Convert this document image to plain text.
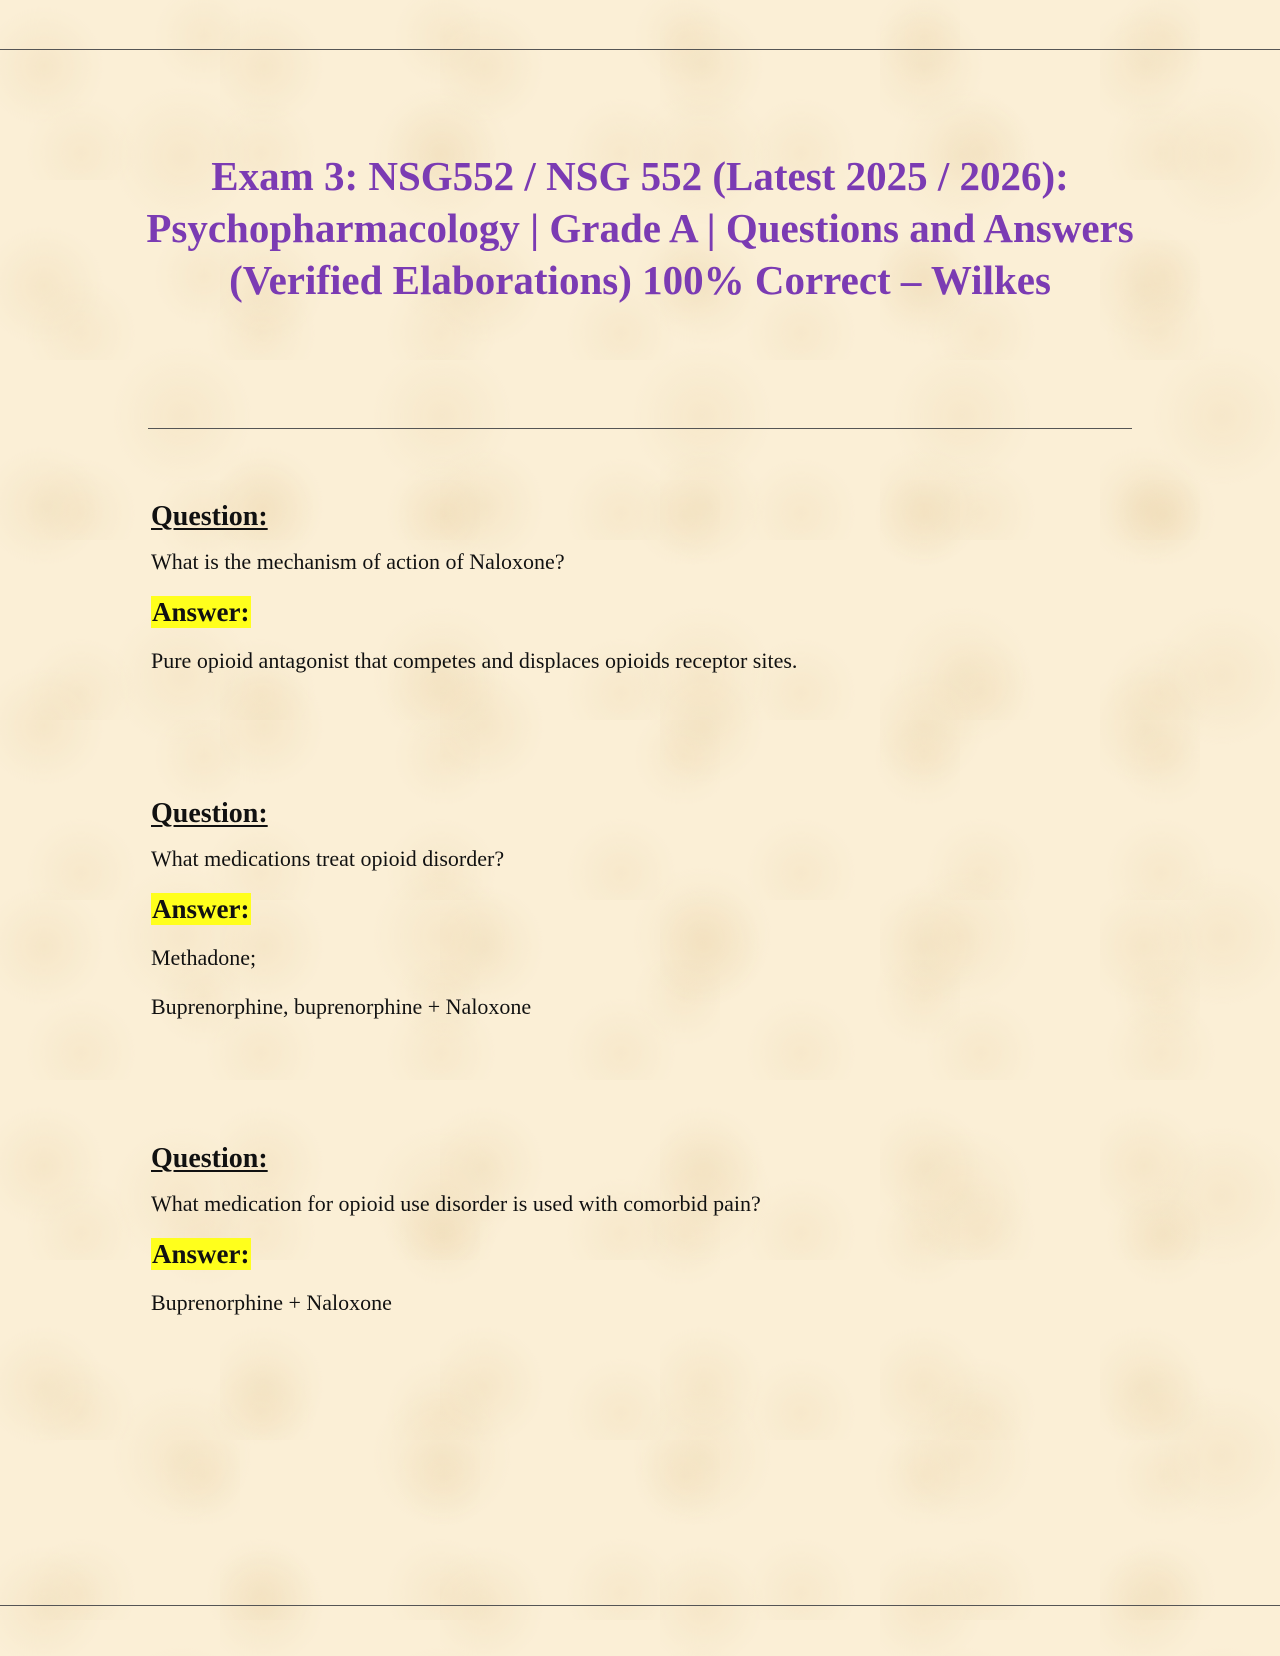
Exam 3: NSG552 / NSG 552 (Latest 2025 / 2026): Psychopharmacology | Grade A | Questions and Answers (Verified Elaborations) 100% Correct – Wilkes
Question:
What is the mechanism of action of Naloxone?
Answer:
Pure opioid antagonist that competes and displaces opioids receptor sites.
Question:
What medications treat opioid disorder?
Answer:
Methadone;
Buprenorphine, buprenorphine + Naloxone
Question:
What medication for opioid use disorder is used with comorbid pain?
Answer:
Buprenorphine + Naloxone
